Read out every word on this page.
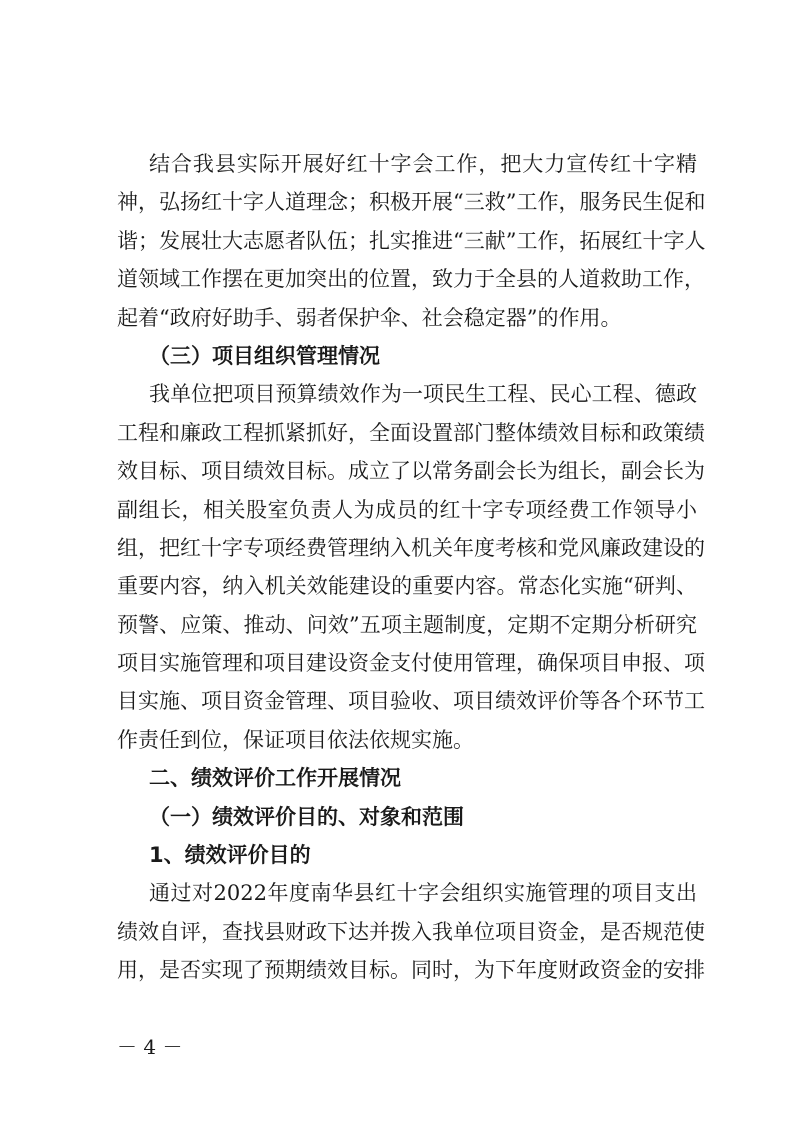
结合我县实际开展好红十字会工作，把大力宣传红十字精
神，弘扬红十字人道理念；积极开展“三救”工作，服务民生促和
谐；发展壮大志愿者队伍；扎实推进“三献”工作，拓展红十字人
道领域工作摆在更加突出的位置，致力于全县的人道救助工作，
起着“政府好助手、弱者保护伞、社会稳定器”的作用。
（三）项目组织管理情况
我单位把项目预算绩效作为一项民生工程、民心工程、德政
工程和廉政工程抓紧抓好，全面设置部门整体绩效目标和政策绩
效目标、项目绩效目标。成立了以常务副会长为组长，副会长为
副组长，相关股室负责人为成员的红十字专项经费工作领导小
组，把红十字专项经费管理纳入机关年度考核和党风廉政建设的
重要内容，纳入机关效能建设的重要内容。常态化实施“研判、
预警、应策、推动、问效”五项主题制度，定期不定期分析研究
项目实施管理和项目建设资金支付使用管理，确保项目申报、项
目实施、项目资金管理、项目验收、项目绩效评价等各个环节工
作责任到位，保证项目依法依规实施。
二、绩效评价工作开展情况
（一）绩效评价目的、对象和范围
1、绩效评价目的
通过对2022年度南华县红十字会组织实施管理的项目支出
绩效自评，查找县财政下达并拨入我单位项目资金，是否规范使
用，是否实现了预期绩效目标。同时，为下年度财政资金的安排
－ 4 －
